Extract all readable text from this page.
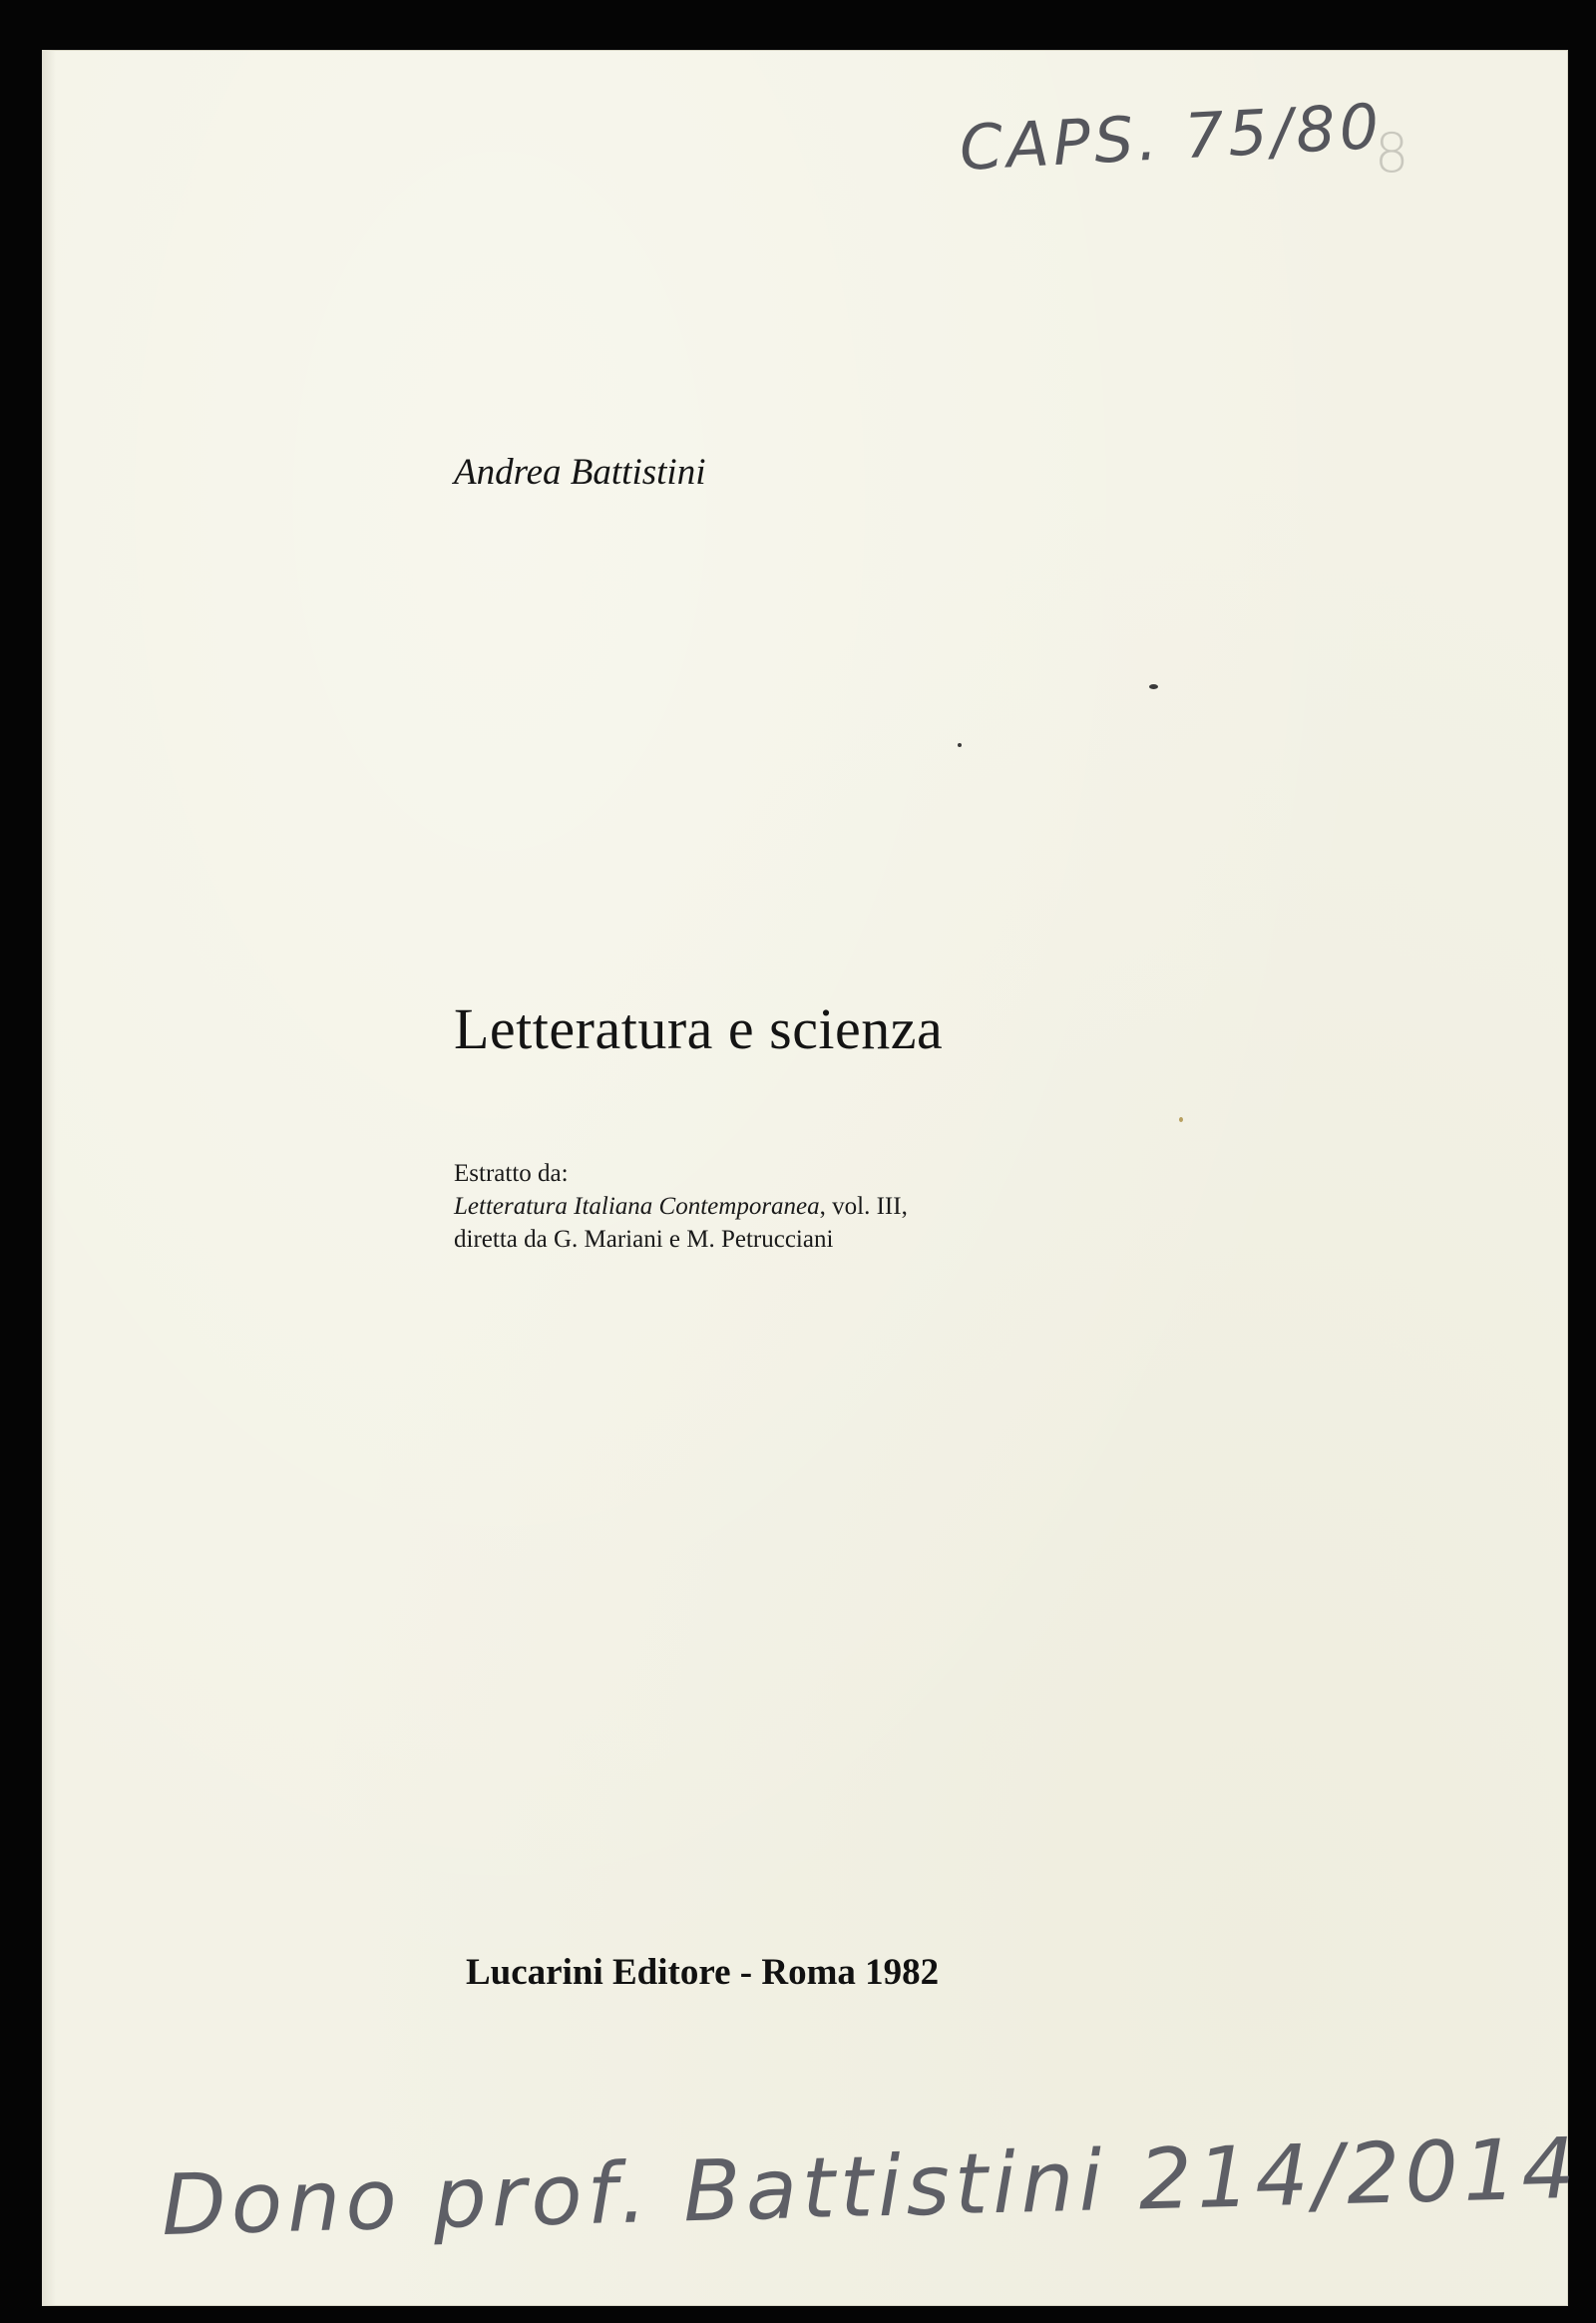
CAPS. 75/80
8
Andrea Battistini
Letteratura e scienza
Estratto da:
Letteratura Italiana Contemporanea, vol. III,
diretta da G. Mariani e M. Petrucciani
Lucarini Editore - Roma 1982
Dono prof. Battistini 214/2014
